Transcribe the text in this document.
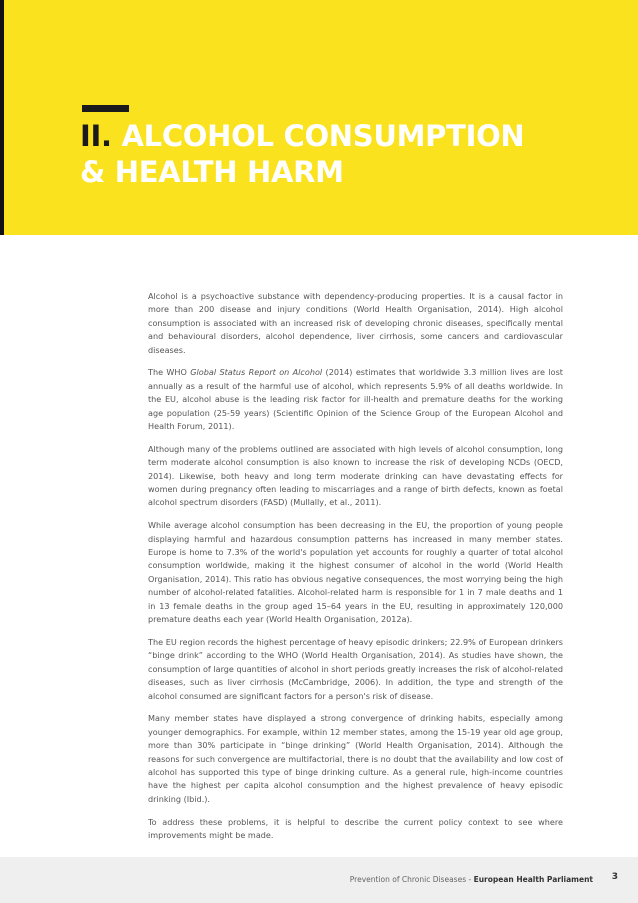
II. ALCOHOL CONSUMPTION
& HEALTH HARM

Alcohol is a psychoactive substance with dependency-producing properties. It is a causal factor in more than 200 disease and injury conditions (World Health Organisation, 2014). High alcohol consumption is associated with an increased risk of developing chronic diseases, specifically mental and behavioural disorders, alcohol dependence, liver cirrhosis, some cancers and cardiovascular diseases.

The WHO Global Status Report on Alcohol (2014) estimates that worldwide 3.3 million lives are lost annually as a result of the harmful use of alcohol, which represents 5.9% of all deaths worldwide. In the EU, alcohol abuse is the leading risk factor for ill-health and premature deaths for the working age population (25-59 years) (Scientific Opinion of the Science Group of the European Alcohol and Health Forum, 2011).

Although many of the problems outlined are associated with high levels of alcohol consumption, long term moderate alcohol consumption is also known to increase the risk of developing NCDs (OECD, 2014). Likewise, both heavy and long term moderate drinking can have devastating effects for women during pregnancy often leading to miscarriages and a range of birth defects, known as foetal alcohol spectrum disorders (FASD) (Mullally, et al., 2011).

While average alcohol consumption has been decreasing in the EU, the proportion of young people displaying harmful and hazardous consumption patterns has increased in many member states. Europe is home to 7.3% of the world's population yet accounts for roughly a quarter of total alcohol consumption worldwide, making it the highest consumer of alcohol in the world (World Health Organisation, 2014). This ratio has obvious negative consequences, the most worrying being the high number of alcohol-related fatalities. Alcohol-related harm is responsible for 1 in 7 male deaths and 1 in 13 female deaths in the group aged 15–64 years in the EU, resulting in approximately 120,000 premature deaths each year (World Health Organisation, 2012a).

The EU region records the highest percentage of heavy episodic drinkers; 22.9% of European drinkers “binge drink” according to the WHO (World Health Organisation, 2014). As studies have shown, the consumption of large quantities of alcohol in short periods greatly increases the risk of alcohol-related diseases, such as liver cirrhosis (McCambridge, 2006). In addition, the type and strength of the alcohol consumed are significant factors for a person's risk of disease.

Many member states have displayed a strong convergence of drinking habits, especially among younger demographics. For example, within 12 member states, among the 15-19 year old age group, more than 30% participate in “binge drinking” (World Health Organisation, 2014). Although the reasons for such convergence are multifactorial, there is no doubt that the availability and low cost of alcohol has supported this type of binge drinking culture. As a general rule, high-income countries have the highest per capita alcohol consumption and the highest prevalence of heavy episodic drinking (Ibid.).

To address these problems, it is helpful to describe the current policy context to see where improvements might be made.

Prevention of Chronic Diseases - European Health Parliament 3
